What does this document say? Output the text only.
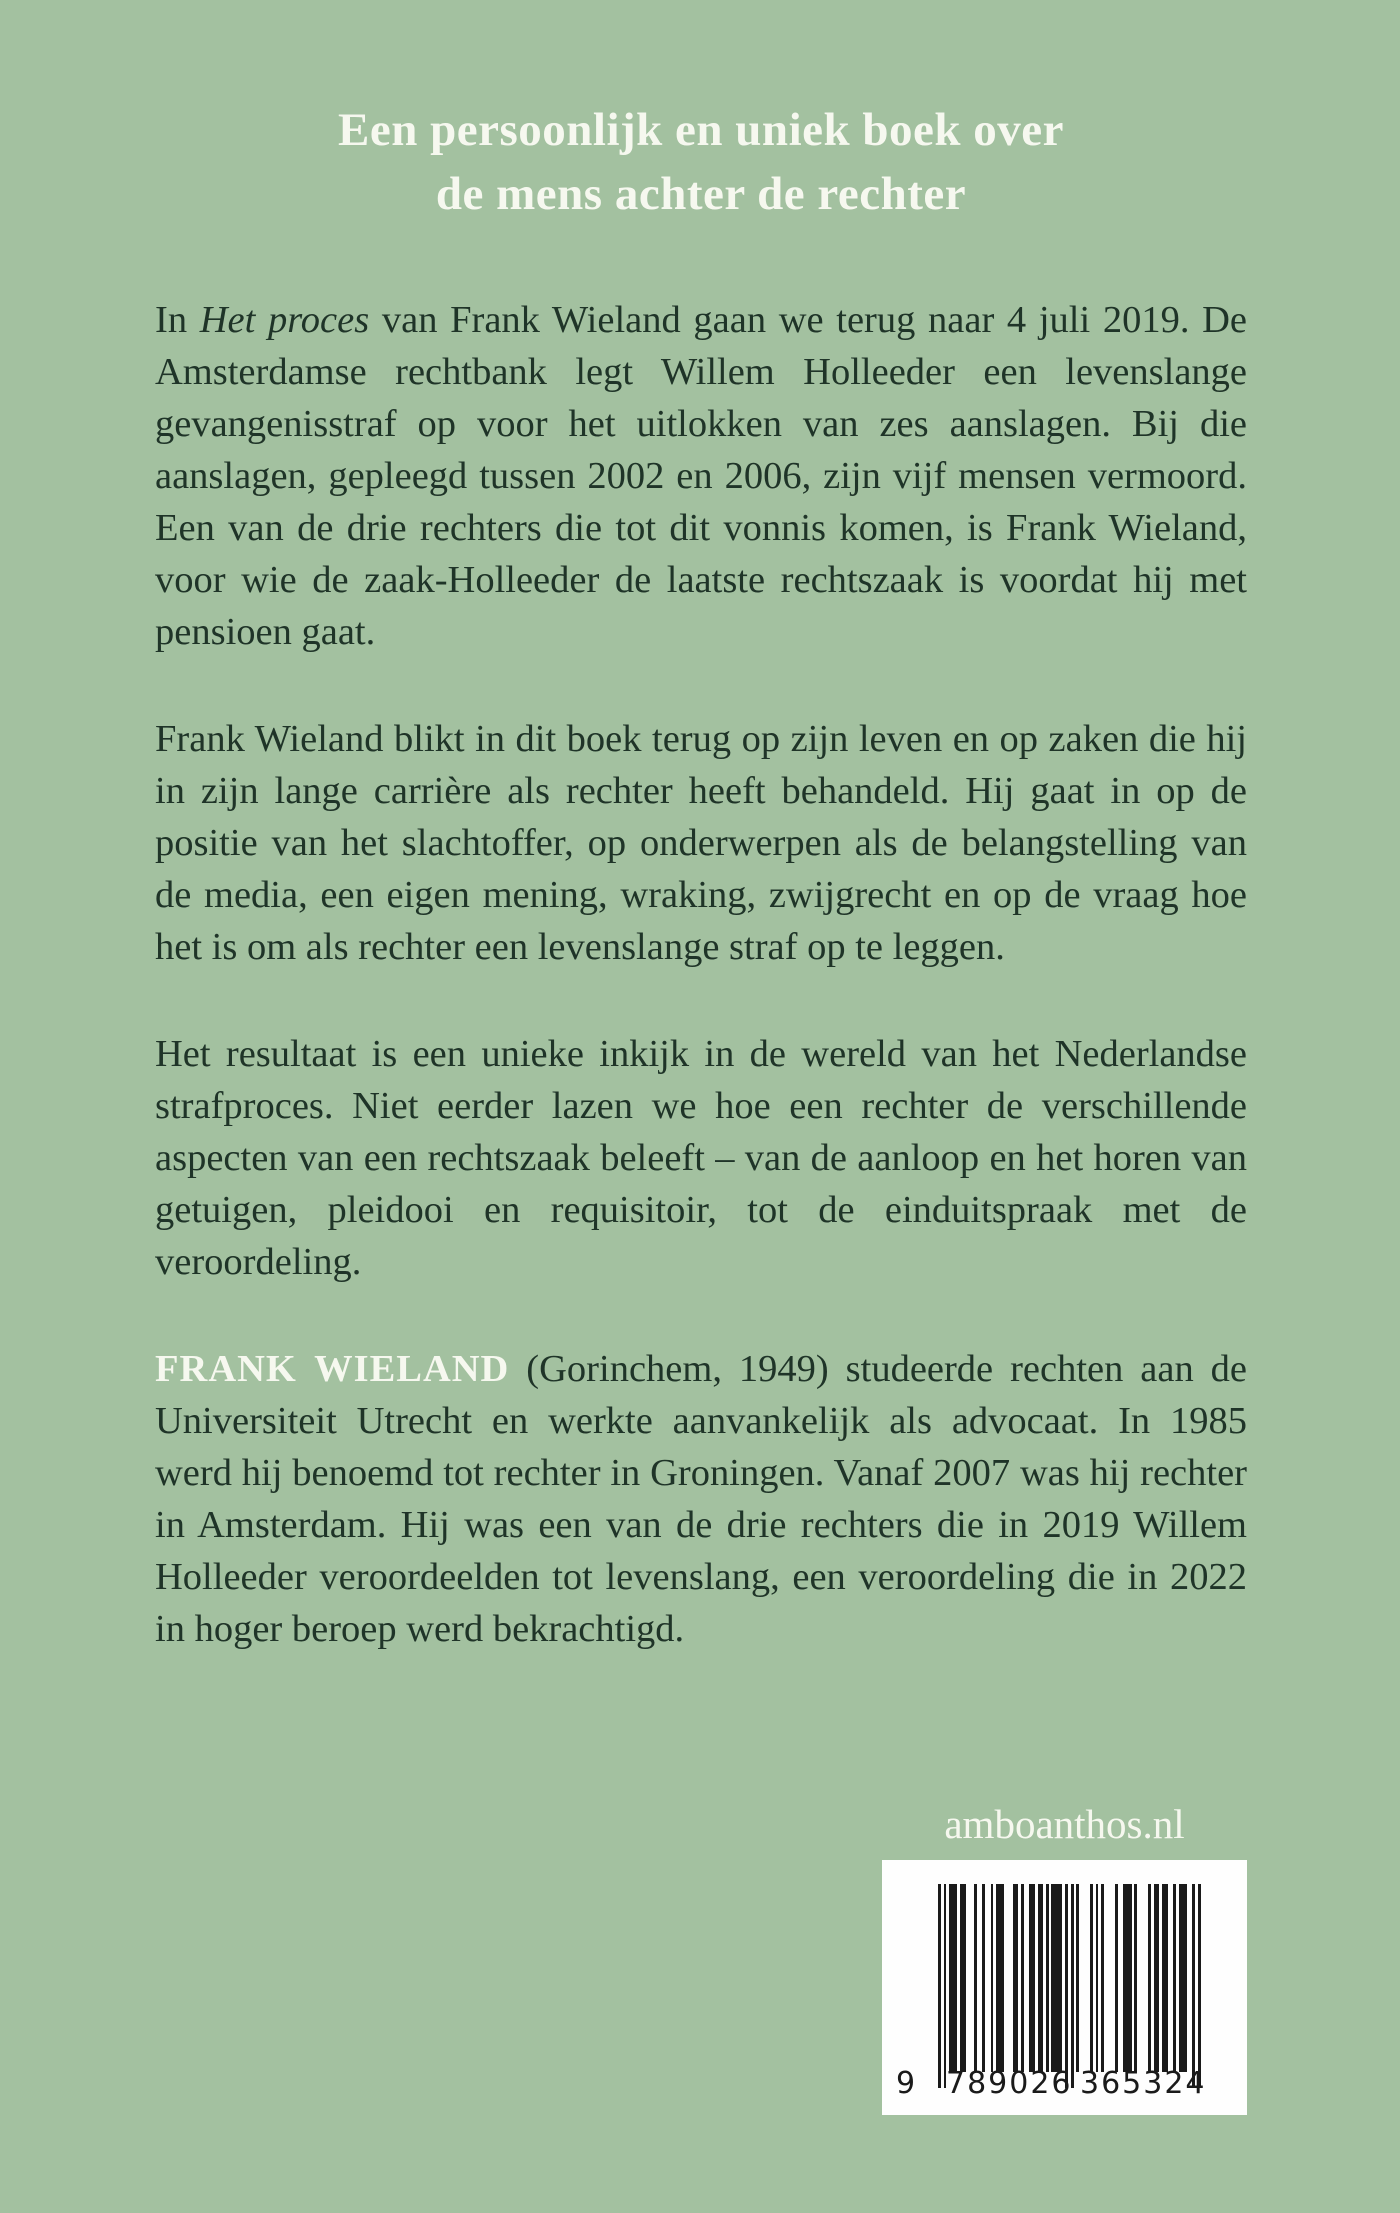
Een persoonlijk en uniek boek over
de mens achter de rechter

In Het proces van Frank Wieland gaan we terug naar 4 juli 2019. De Amsterdamse rechtbank legt Willem Holleeder een levenslange gevangenisstraf op voor het uitlokken van zes aanslagen. Bij die aanslagen, gepleegd tussen 2002 en 2006, zijn vijf mensen vermoord. Een van de drie rechters die tot dit vonnis komen, is Frank Wieland, voor wie de zaak-Holleeder de laatste rechtszaak is voordat hij met pensioen gaat.

Frank Wieland blikt in dit boek terug op zijn leven en op zaken die hij in zijn lange carrière als rechter heeft behandeld. Hij gaat in op de positie van het slachtoffer, op onderwerpen als de belangstelling van de media, een eigen mening, wraking, zwijgrecht en op de vraag hoe het is om als rechter een levenslange straf op te leggen.

Het resultaat is een unieke inkijk in de wereld van het Nederlandse strafproces. Niet eerder lazen we hoe een rechter de verschillende aspecten van een rechtszaak beleeft – van de aanloop en het horen van getuigen, pleidooi en requisitoir, tot de einduitspraak met de veroordeling.

FRANK WIELAND (Gorinchem, 1949) studeerde rechten aan de Universiteit Utrecht en werkte aanvankelijk als advocaat. In 1985 werd hij benoemd tot rechter in Groningen. Vanaf 2007 was hij rechter in Amsterdam. Hij was een van de drie rechters die in 2019 Willem Holleeder veroordeelden tot levenslang, een veroordeling die in 2022 in hoger beroep werd bekrachtigd.

amboanthos.nl
9 789026 365324
